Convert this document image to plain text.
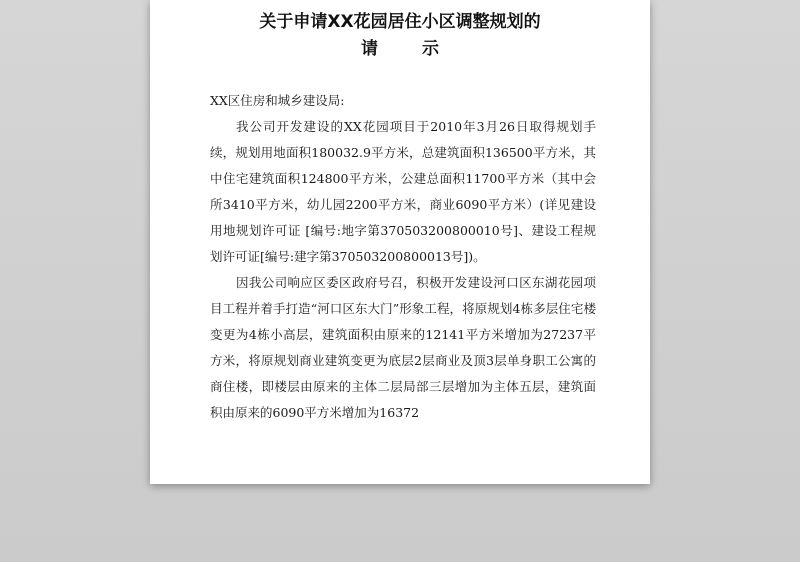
关于申请XX花园居住小区调整规划的
请示
XX区住房和城乡建设局:
我公司开发建设的XX花园项目于2010年3月26日取得规划手续，规划用地面积180032.9平方米，总建筑面积136500平方米，其中住宅建筑面积124800平方米，公建总面积11700平方米（其中会所3410平方米，幼儿园2200平方米，商业6090平方米）(详见建设用地规划许可证 [编号:地字第370503200800010号]、建设工程规划许可证[编号:建字第370503200800013号])。
因我公司响应区委区政府号召，积极开发建设河口区东湖花园项目工程并着手打造“河口区东大门”形象工程，将原规划4栋多层住宅楼变更为4栋小高层，建筑面积由原来的12141平方米增加为27237平方米，将原规划商业建筑变更为底层2层商业及顶3层单身职工公寓的商住楼，即楼层由原来的主体二层局部三层增加为主体五层，建筑面积由原来的6090平方米增加为16372
